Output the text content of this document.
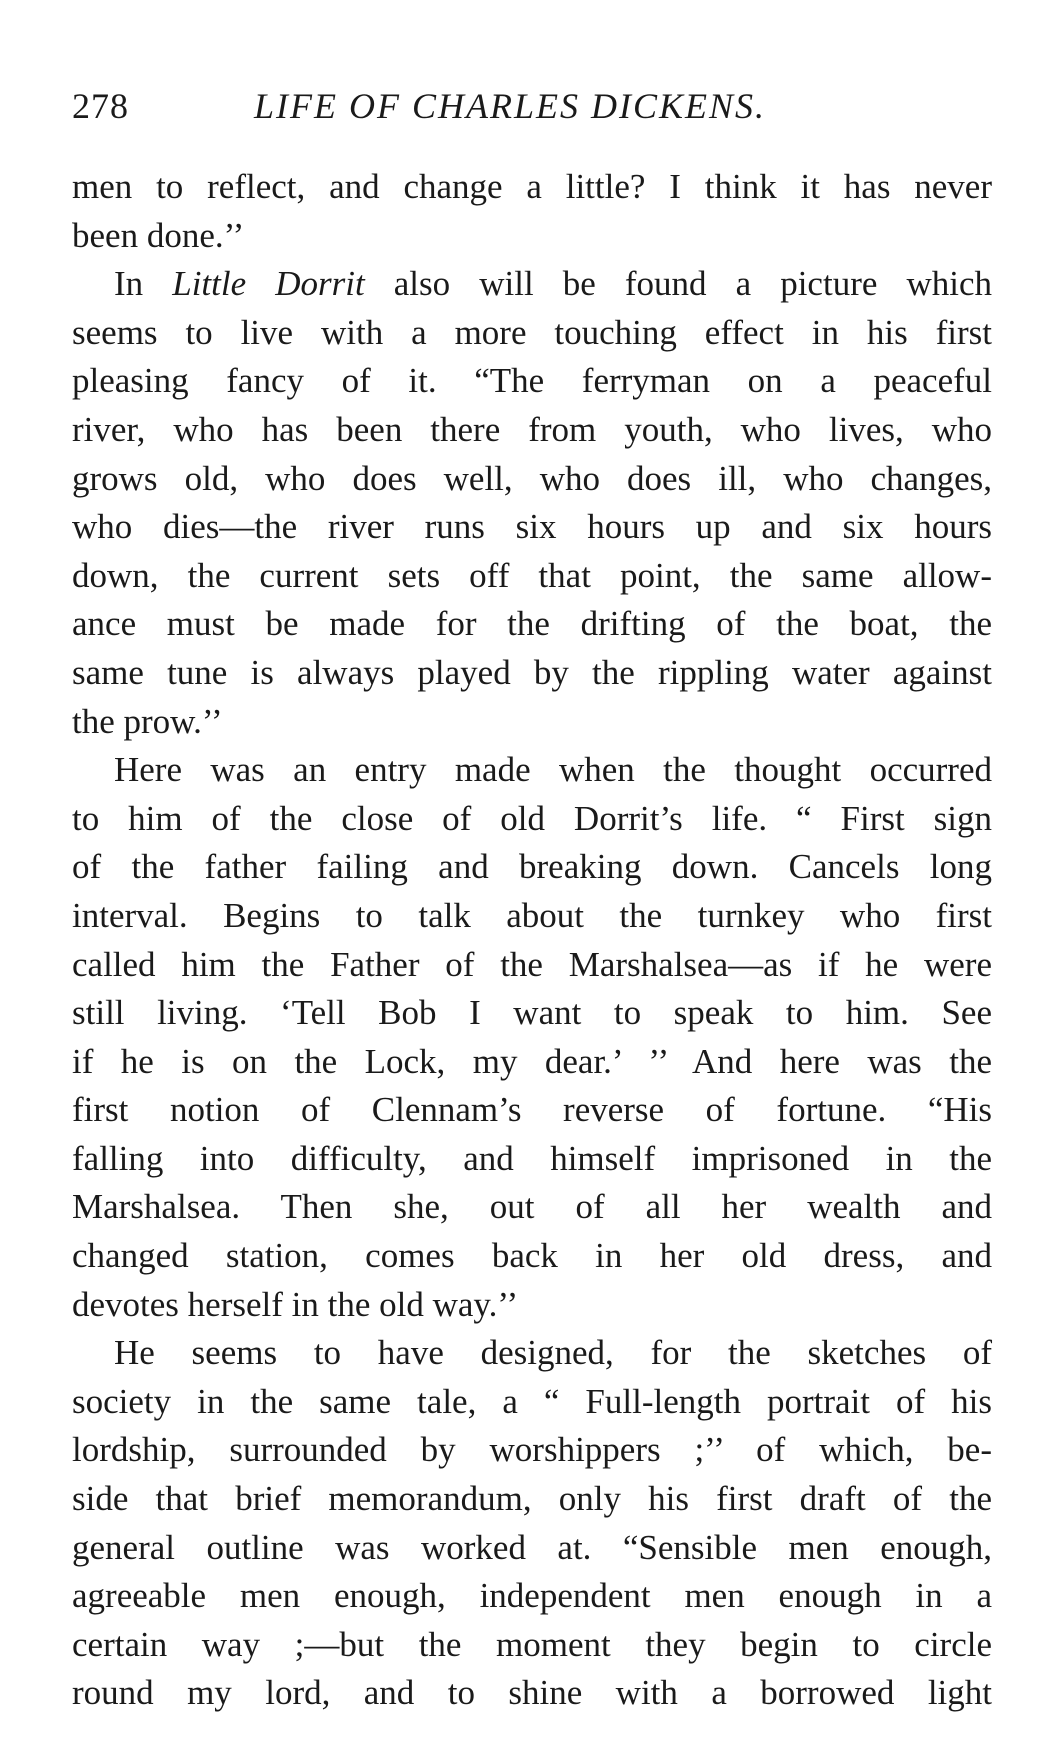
278	LIFE OF CHARLES DICKENS.
men to reflect, and change a little? I think it has never
been done.’’
In Little Dorrit also will be found a picture which
seems to live with a more touching effect in his first
pleasing fancy of it. “The ferryman on a peaceful
river, who has been there from youth, who lives, who
grows old, who does well, who does ill, who changes,
who dies—the river runs six hours up and six hours
down, the current sets off that point, the same allow-
ance must be made for the drifting of the boat, the
same tune is always played by the rippling water against
the prow.’’
Here was an entry made when the thought occurred
to him of the close of old Dorrit’s life. “ First sign
of the father failing and breaking down. Cancels long
interval. Begins to talk about the turnkey who first
called him the Father of the Marshalsea—as if he were
still living. ‘Tell Bob I want to speak to him. See
if he is on the Lock, my dear.’ ’’ And here was the
first notion of Clennam’s reverse of fortune. “His
falling into difficulty, and himself imprisoned in the
Marshalsea. Then she, out of all her wealth and
changed station, comes back in her old dress, and
devotes herself in the old way.’’
He seems to have designed, for the sketches of
society in the same tale, a “ Full-length portrait of his
lordship, surrounded by worshippers ;’’ of which, be-
side that brief memorandum, only his first draft of the
general outline was worked at. “Sensible men enough,
agreeable men enough, independent men enough in a
certain way ;—but the moment they begin to circle
round my lord, and to shine with a borrowed light
